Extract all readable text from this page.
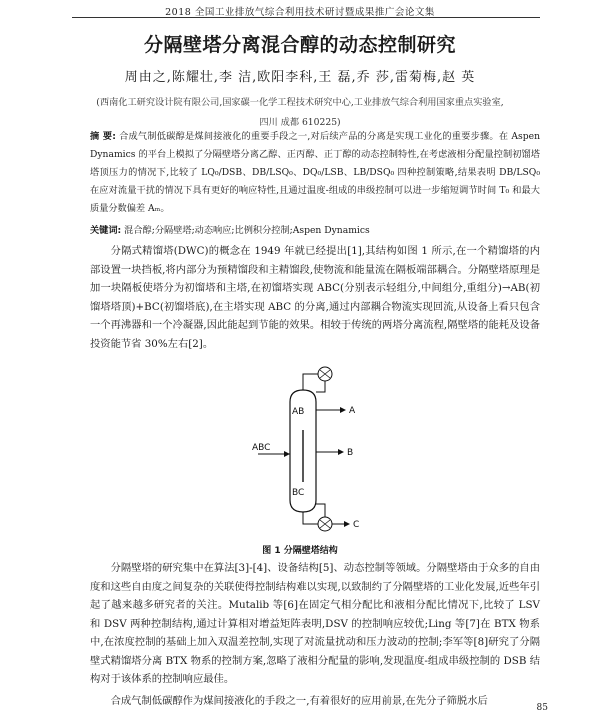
2018 全国工业排放气综合利用技术研讨暨成果推广会论文集
分隔壁塔分离混合醇的动态控制研究
周由之,陈耀壮,李 洁,欧阳李科,王 磊,乔 莎,雷菊梅,赵 英
(西南化工研究设计院有限公司,国家碳一化学工程技术研究中心,工业排放气综合利用国家重点实验室,
四川 成都 610225)
摘 要: 合成气制低碳醇是煤间接液化的重要手段之一,对后续产品的分离是实现工业化的重要步骤。在 Aspen Dynamics 的平台上模拟了分隔壁塔分离乙醇、正丙醇、正丁醇的动态控制特性,在考虑液相分配量控制初馏塔塔顶压力的情况下,比较了 LQ₀/DSB、DB/LSQ₀、DQ₀/LSB、LB/DSQ₀ 四种控制策略,结果表明 DB/LSQ₀ 在应对流量干扰的情况下具有更好的响应特性,且通过温度-组成的串级控制可以进一步缩短调节时间 T₀ 和最大质量分数偏差 Aₘ。
关键词: 混合醇;分隔壁塔;动态响应;比例积分控制;Aspen Dynamics
分隔式精馏塔(DWC)的概念在 1949 年就已经提出[1],其结构如图 1 所示,在一个精馏塔的内部设置一块挡板,将内部分为预精馏段和主精馏段,使物流和能量流在隔板端部耦合。分隔壁塔原理是加一块隔板使塔分为初馏塔和主塔,在初馏塔实现 ABC(分别表示轻组分,中间组分,重组分)→AB(初馏塔塔顶)+BC(初馏塔底),在主塔实现 ABC 的分离,通过内部耦合物流实现回流,从设备上看只包含一个再沸器和一个冷凝器,因此能起到节能的效果。相较于传统的两塔分离流程,隔壁塔的能耗及设备投资能节省 30%左右[2]。
AB
BC
ABC
A
B
C
图 1 分隔壁塔结构
分隔壁塔的研究集中在算法[3]-[4]、设备结构[5]、动态控制等领域。分隔壁塔由于众多的自由度和这些自由度之间复杂的关联使得控制结构难以实现,以致制约了分隔壁塔的工业化发展,近些年引起了越来越多研究者的关注。Mutalib 等[6]在固定气相分配比和液相分配比情况下,比较了 LSV 和 DSV 两种控制结构,通过计算相对增益矩阵表明,DSV 的控制响应较优;Ling 等[7]在 BTX 物系中,在浓度控制的基础上加入双温差控制,实现了对流量扰动和压力波动的控制;李军等[8]研究了分隔壁式精馏塔分离 BTX 物系的控制方案,忽略了液相分配量的影响,发现温度-组成串级控制的 DSB 结构对于该体系的控制响应最佳。
合成气制低碳醇作为煤间接液化的手段之一,有着很好的应用前景,在先分子筛脱水后
85
